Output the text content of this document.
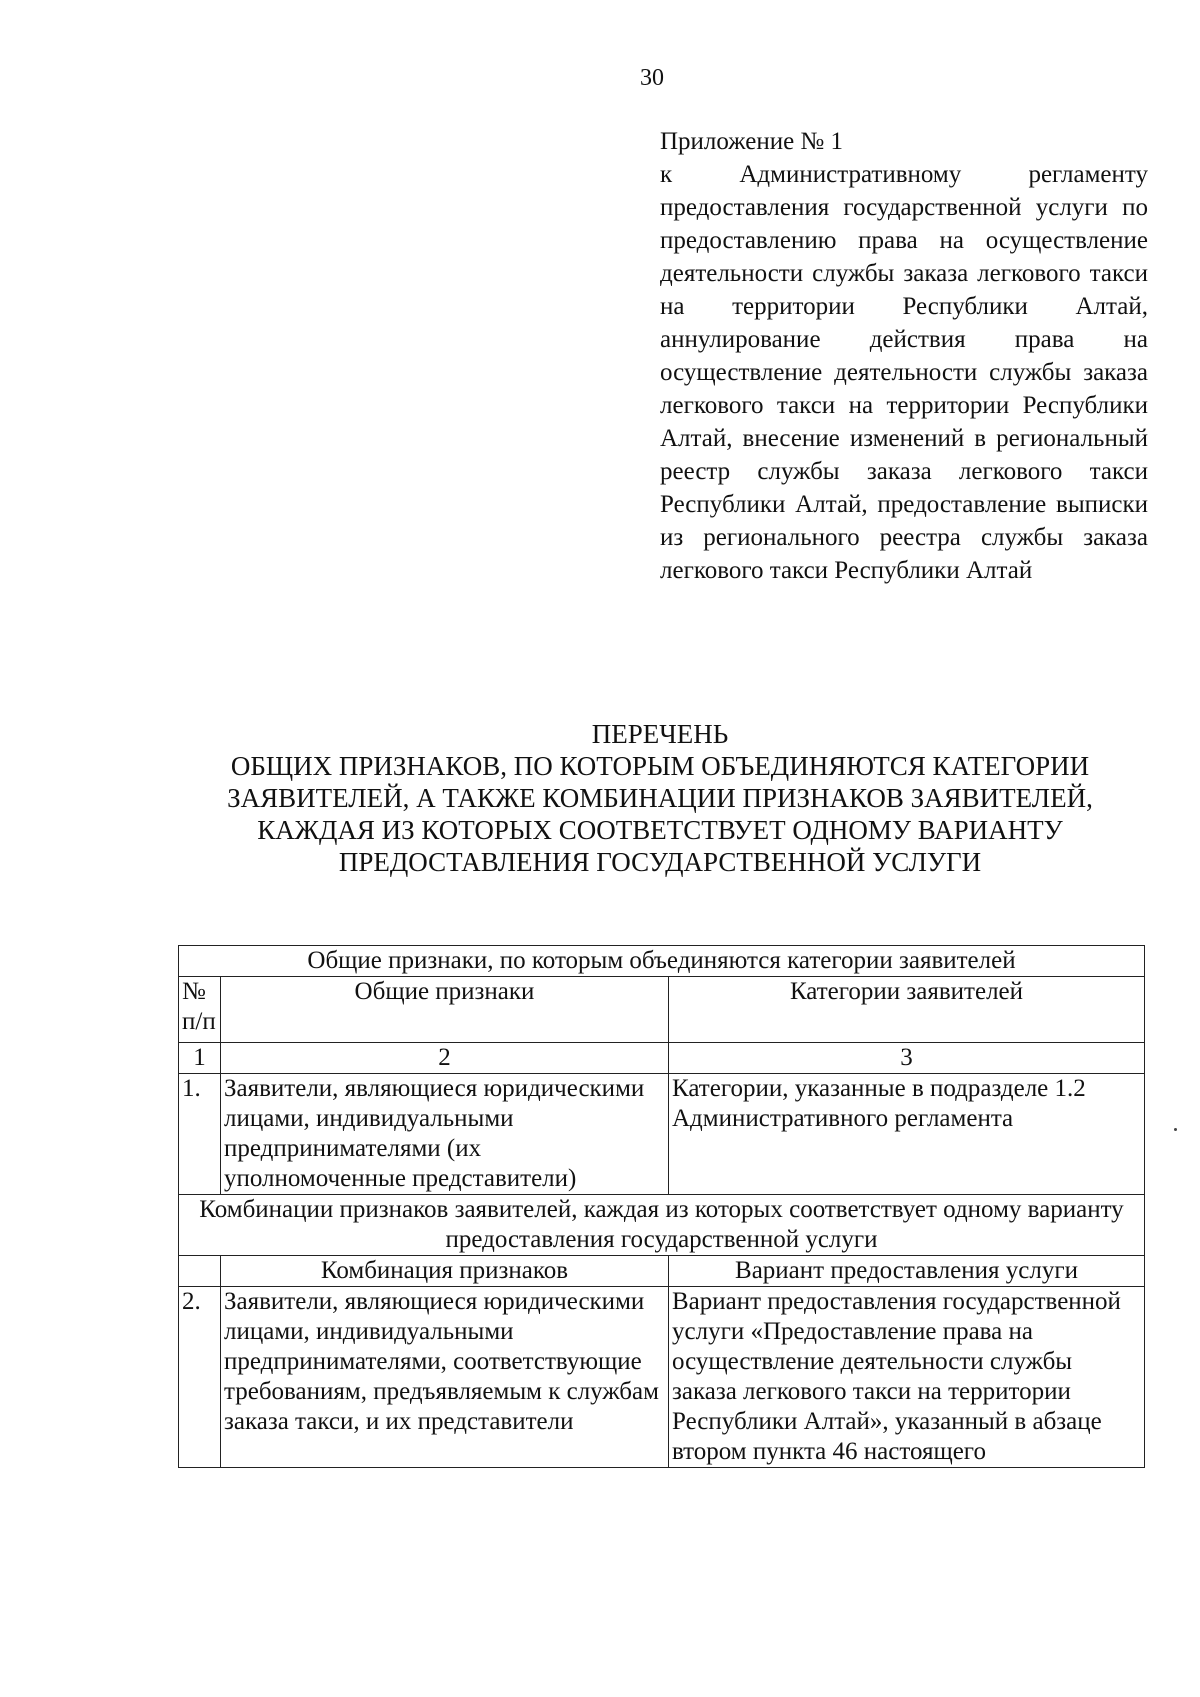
30
Приложение № 1
к Административному регламенту предоставления государственной услуги по предоставлению права на осуществление деятельности службы заказа легкового такси на территории Республики Алтай, аннулирование действия права на осуществление деятельности службы заказа легкового такси на территории Республики Алтай, внесение изменений в региональный реестр службы заказа легкового такси Республики Алтай, предоставление выписки из регионального реестра службы заказа легкового такси Республики Алтай
ПЕРЕЧЕНЬ
ОБЩИХ ПРИЗНАКОВ, ПО КОТОРЫМ ОБЪЕДИНЯЮТСЯ КАТЕГОРИИ
ЗАЯВИТЕЛЕЙ, А ТАКЖЕ КОМБИНАЦИИ ПРИЗНАКОВ ЗАЯВИТЕЛЕЙ,
КАЖДАЯ ИЗ КОТОРЫХ СООТВЕТСТВУЕТ ОДНОМУ ВАРИАНТУ
ПРЕДОСТАВЛЕНИЯ ГОСУДАРСТВЕННОЙ УСЛУГИ
Общие признаки, по которым объединяются категории заявителей		
№ п/п	Общие признаки	Категории заявителей
1	2	3
1.	Заявители, являющиеся юридическими лицами, индивидуальными предпринимателями (их уполномоченные представители)	Категории, указанные в подразделе 1.2 Административного регламента
Комбинации признаков заявителей, каждая из которых соответствует одному варианту предоставления государственной услуги		
	Комбинация признаков	Вариант предоставления услуги
2.	Заявители, являющиеся юридическими лицами, индивидуальными предпринимателями, соответствующие требованиям, предъявляемым к службам заказа такси, и их представители	Вариант предоставления государственной услуги «Предоставление права на осуществление деятельности службы заказа легкового такси на территории Республики Алтай», указанный в абзаце втором пункта 46 настоящего
